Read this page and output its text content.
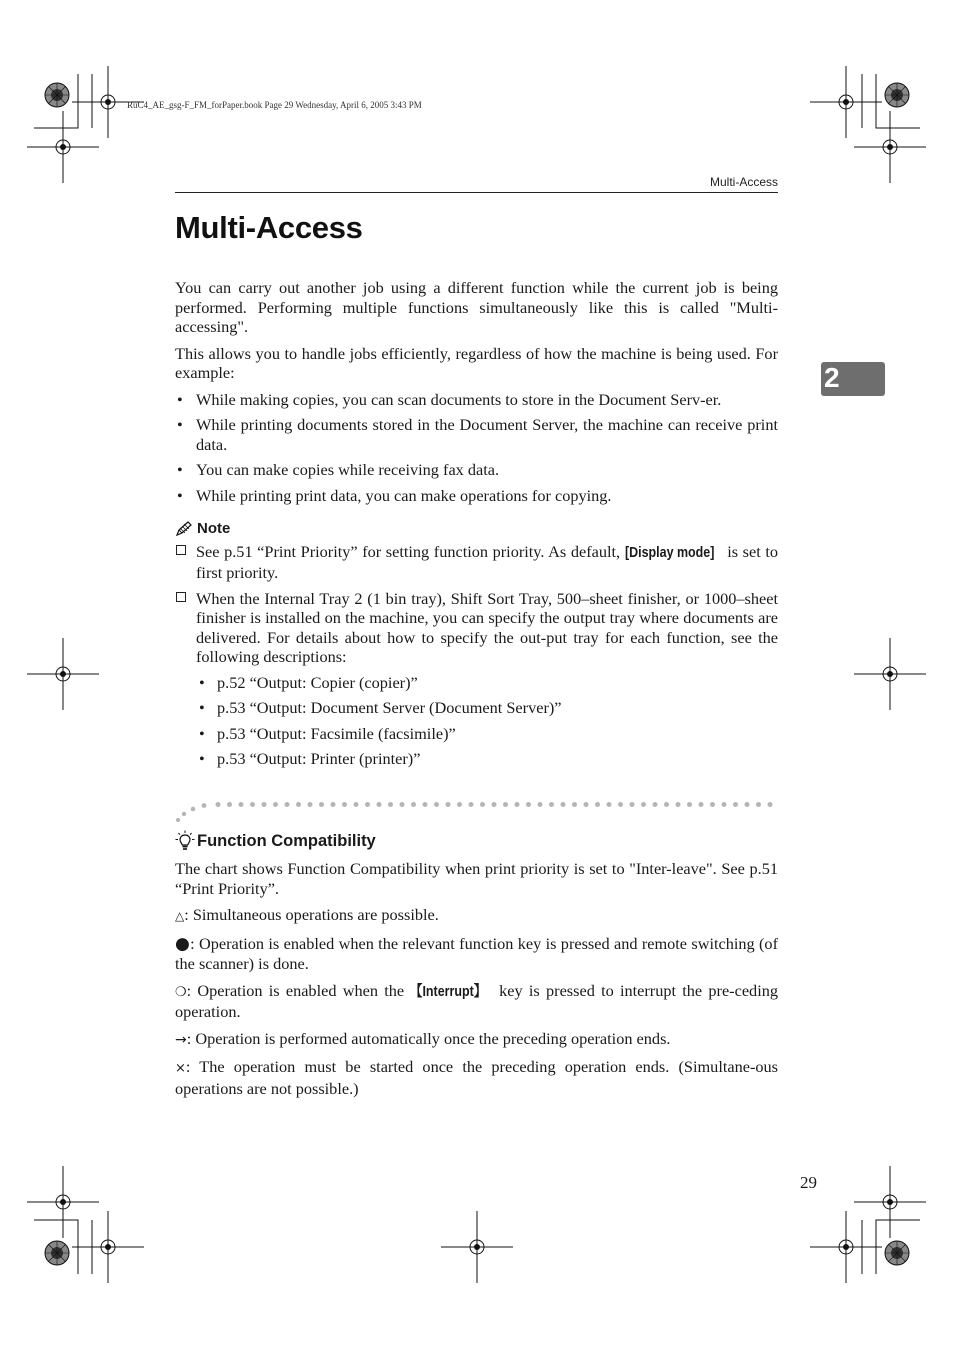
RuC4_AE_gsg-F_FM_forPaper.book Page 29 Wednesday, April 6, 2005 3:43 PM
Multi-Access
Multi-Access
2

You can carry out another job using a different function while the current job is being performed. Performing multiple functions simultaneously like this is called "Multi-accessing".

This allows you to handle jobs efficiently, regardless of how the machine is being used. For example:

• While making copies, you can scan documents to store in the Document Serv-er.
• While printing documents stored in the Document Server, the machine can receive print data.
• You can make copies while receiving fax data.
• While printing print data, you can make operations for copying.
Note
See p.51 “Print Priority” for setting function priority. As default, [Display mode] is set to first priority.
When the Internal Tray 2 (1 bin tray), Shift Sort Tray, 500–sheet finisher, or 1000–sheet finisher is installed on the machine, you can specify the output tray where documents are delivered. For details about how to specify the out-put tray for each function, see the following descriptions:
• p.52 “Output: Copier (copier)”
• p.53 “Output: Document Server (Document Server)”
• p.53 “Output: Facsimile (facsimile)”
• p.53 “Output: Printer (printer)”
Function Compatibility

The chart shows Function Compatibility when print priority is set to "Inter-leave". See p.51 “Print Priority”.

△: Simultaneous operations are possible.

●: Operation is enabled when the relevant function key is pressed and remote switching (of the scanner) is done.

❍: Operation is enabled when the 【Interrupt】 key is pressed to interrupt the pre-ceding operation.

→: Operation is performed automatically once the preceding operation ends.

×: The operation must be started once the preceding operation ends. (Simultane-ous operations are not possible.)

29
